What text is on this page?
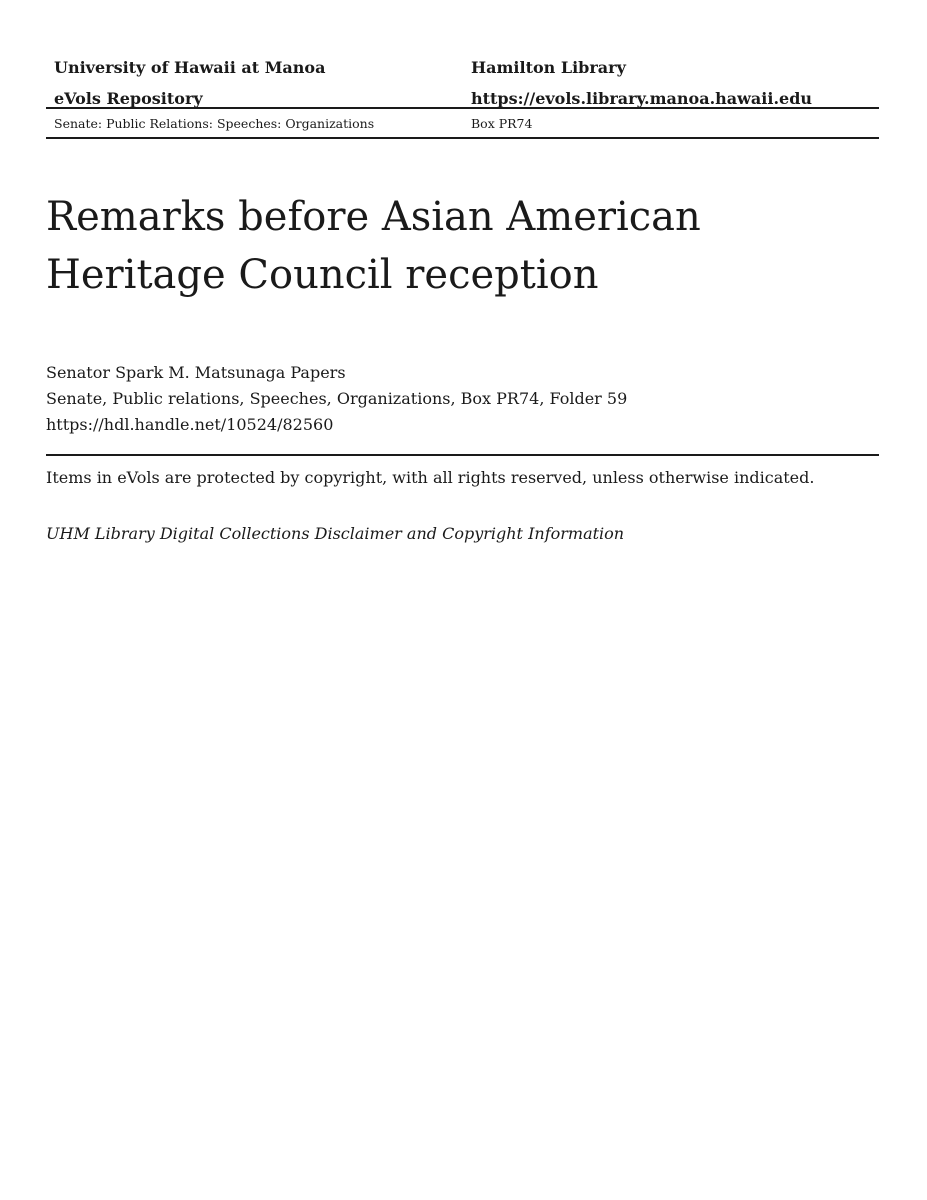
University of Hawaii at Manoa
eVols Repository
Hamilton Library
https://evols.library.manoa.hawaii.edu
Senate: Public Relations: Speeches: Organizations	Box PR74
Remarks before Asian American Heritage Council reception
Senator Spark M. Matsunaga Papers
Senate, Public relations, Speeches, Organizations, Box PR74, Folder 59
https://hdl.handle.net/10524/82560
Items in eVols are protected by copyright, with all rights reserved, unless otherwise indicated.
UHM Library Digital Collections Disclaimer and Copyright Information
